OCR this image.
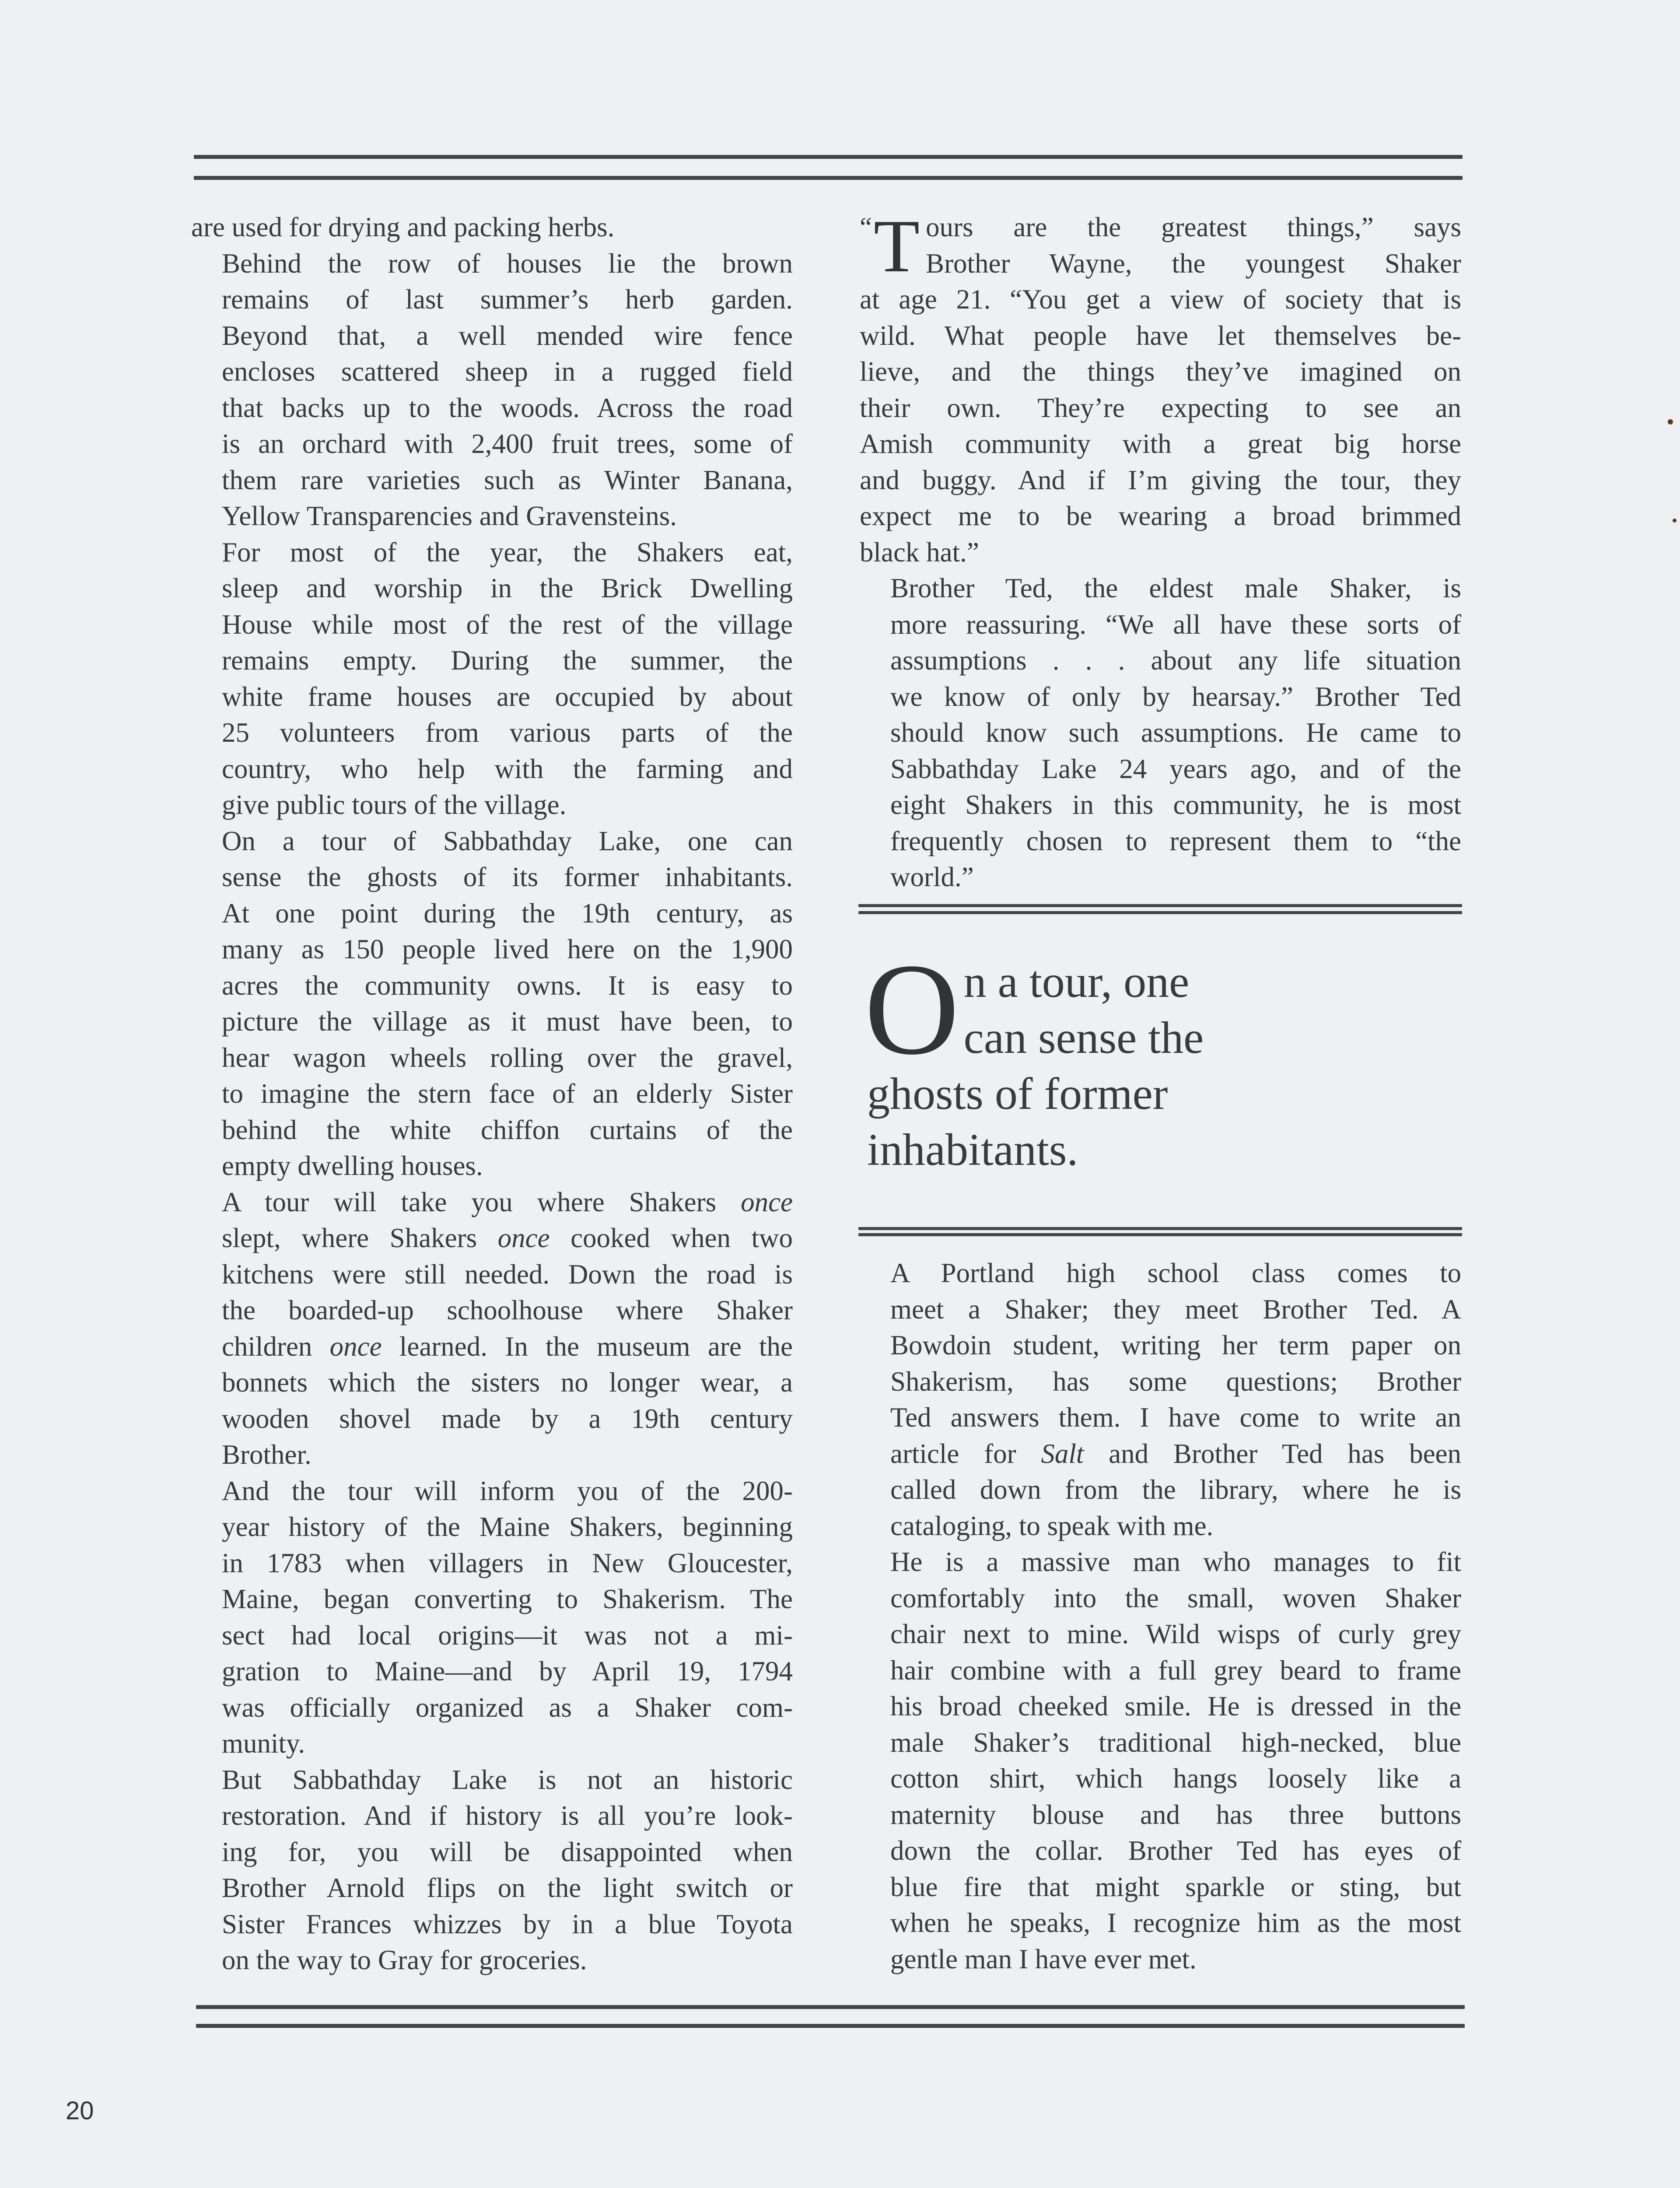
are used for drying and packing herbs.

Behind the row of houses lie the brown
remains of last summer’s herb garden.
Beyond that, a well mended wire fence
encloses scattered sheep in a rugged field
that backs up to the woods. Across the road
is an orchard with 2,400 fruit trees, some of
them rare varieties such as Winter Banana,
Yellow Transparencies and Gravensteins.

For most of the year, the Shakers eat,
sleep and worship in the Brick Dwelling
House while most of the rest of the village
remains empty. During the summer, the
white frame houses are occupied by about
25 volunteers from various parts of the
country, who help with the farming and
give public tours of the village.

On a tour of Sabbathday Lake, one can
sense the ghosts of its former inhabitants.
At one point during the 19th century, as
many as 150 people lived here on the 1,900
acres the community owns. It is easy to
picture the village as it must have been, to
hear wagon wheels rolling over the gravel,
to imagine the stern face of an elderly Sister
behind the white chiffon curtains of the
empty dwelling houses.

A tour will take you where Shakers once
slept, where Shakers once cooked when two
kitchens were still needed. Down the road is
the boarded-up schoolhouse where Shaker
children once learned. In the museum are the
bonnets which the sisters no longer wear, a
wooden shovel made by a 19th century
Brother.

And the tour will inform you of the 200-
year history of the Maine Shakers, beginning
in 1783 when villagers in New Gloucester,
Maine, began converting to Shakerism. The
sect had local origins—it was not a mi-
gration to Maine—and by April 19, 1794
was officially organized as a Shaker com-
munity.

But Sabbathday Lake is not an historic
restoration. And if history is all you’re look-
ing for, you will be disappointed when
Brother Arnold flips on the light switch or
Sister Frances whizzes by in a blue Toyota
on the way to Gray for groceries.

“ T ours are the greatest things,” says
Brother Wayne, the youngest Shaker
at age 21. “You get a view of society that is
wild. What people have let themselves be-
lieve, and the things they’ve imagined on
their own. They’re expecting to see an
Amish community with a great big horse
and buggy. And if I’m giving the tour, they
expect me to be wearing a broad brimmed
black hat.”

Brother Ted, the eldest male Shaker, is
more reassuring. “We all have these sorts of
assumptions . . . about any life situation
we know of only by hearsay.” Brother Ted
should know such assumptions. He came to
Sabbathday Lake 24 years ago, and of the
eight Shakers in this community, he is most
frequently chosen to represent them to “the
world.”

O n a tour, one
can sense the
ghosts of former
inhabitants.

A Portland high school class comes to
meet a Shaker; they meet Brother Ted. A
Bowdoin student, writing her term paper on
Shakerism, has some questions; Brother
Ted answers them. I have come to write an
article for Salt and Brother Ted has been
called down from the library, where he is
cataloging, to speak with me.

He is a massive man who manages to fit
comfortably into the small, woven Shaker
chair next to mine. Wild wisps of curly grey
hair combine with a full grey beard to frame
his broad cheeked smile. He is dressed in the
male Shaker’s traditional high-necked, blue
cotton shirt, which hangs loosely like a
maternity blouse and has three buttons
down the collar. Brother Ted has eyes of
blue fire that might sparkle or sting, but
when he speaks, I recognize him as the most
gentle man I have ever met.

20
